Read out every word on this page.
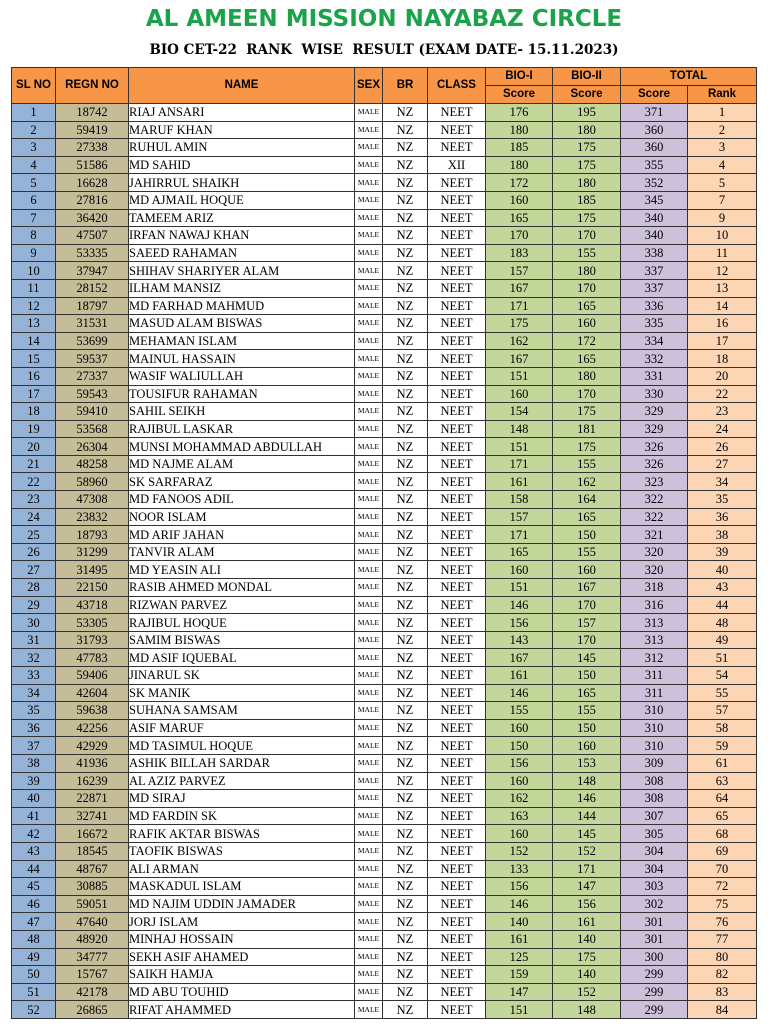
AL AMEEN MISSION NAYABAZ CIRCLE
BIO CET-22  RANK  WISE  RESULT (EXAM DATE- 15.11.2023)
SL NO	REGN NO	NAME	SEX	BR	CLASS	BIO-I	BIO-II	TOTAL	
						Score	Score	Score	Rank
1	18742	RIAJ ANSARI	MALE	NZ	NEET	176	195	371	1
2	59419	MARUF KHAN	MALE	NZ	NEET	180	180	360	2
3	27338	RUHUL AMIN	MALE	NZ	NEET	185	175	360	3
4	51586	MD SAHID	MALE	NZ	XII	180	175	355	4
5	16628	JAHIRRUL SHAIKH	MALE	NZ	NEET	172	180	352	5
6	27816	MD AJMAIL HOQUE	MALE	NZ	NEET	160	185	345	7
7	36420	TAMEEM ARIZ	MALE	NZ	NEET	165	175	340	9
8	47507	IRFAN NAWAJ KHAN	MALE	NZ	NEET	170	170	340	10
9	53335	SAEED RAHAMAN	MALE	NZ	NEET	183	155	338	11
10	37947	SHIHAV SHARIYER ALAM	MALE	NZ	NEET	157	180	337	12
11	28152	ILHAM MANSIZ	MALE	NZ	NEET	167	170	337	13
12	18797	MD FARHAD MAHMUD	MALE	NZ	NEET	171	165	336	14
13	31531	MASUD ALAM BISWAS	MALE	NZ	NEET	175	160	335	16
14	53699	MEHAMAN ISLAM	MALE	NZ	NEET	162	172	334	17
15	59537	MAINUL HASSAIN	MALE	NZ	NEET	167	165	332	18
16	27337	WASIF WALIULLAH	MALE	NZ	NEET	151	180	331	20
17	59543	TOUSIFUR RAHAMAN	MALE	NZ	NEET	160	170	330	22
18	59410	SAHIL SEIKH	MALE	NZ	NEET	154	175	329	23
19	53568	RAJIBUL LASKAR	MALE	NZ	NEET	148	181	329	24
20	26304	MUNSI MOHAMMAD ABDULLAH	MALE	NZ	NEET	151	175	326	26
21	48258	MD NAJME ALAM	MALE	NZ	NEET	171	155	326	27
22	58960	SK SARFARAZ	MALE	NZ	NEET	161	162	323	34
23	47308	MD FANOOS ADIL	MALE	NZ	NEET	158	164	322	35
24	23832	NOOR ISLAM	MALE	NZ	NEET	157	165	322	36
25	18793	MD ARIF JAHAN	MALE	NZ	NEET	171	150	321	38
26	31299	TANVIR ALAM	MALE	NZ	NEET	165	155	320	39
27	31495	MD YEASIN ALI	MALE	NZ	NEET	160	160	320	40
28	22150	RASIB AHMED MONDAL	MALE	NZ	NEET	151	167	318	43
29	43718	RIZWAN PARVEZ	MALE	NZ	NEET	146	170	316	44
30	53305	RAJIBUL HOQUE	MALE	NZ	NEET	156	157	313	48
31	31793	SAMIM BISWAS	MALE	NZ	NEET	143	170	313	49
32	47783	MD ASIF IQUEBAL	MALE	NZ	NEET	167	145	312	51
33	59406	JINARUL SK	MALE	NZ	NEET	161	150	311	54
34	42604	SK MANIK	MALE	NZ	NEET	146	165	311	55
35	59638	SUHANA SAMSAM	MALE	NZ	NEET	155	155	310	57
36	42256	ASIF MARUF	MALE	NZ	NEET	160	150	310	58
37	42929	MD TASIMUL HOQUE	MALE	NZ	NEET	150	160	310	59
38	41936	ASHIK BILLAH SARDAR	MALE	NZ	NEET	156	153	309	61
39	16239	AL AZIZ PARVEZ	MALE	NZ	NEET	160	148	308	63
40	22871	MD SIRAJ	MALE	NZ	NEET	162	146	308	64
41	32741	MD FARDIN SK	MALE	NZ	NEET	163	144	307	65
42	16672	RAFIK AKTAR BISWAS	MALE	NZ	NEET	160	145	305	68
43	18545	TAOFIK BISWAS	MALE	NZ	NEET	152	152	304	69
44	48767	ALI ARMAN	MALE	NZ	NEET	133	171	304	70
45	30885	MASKADUL ISLAM	MALE	NZ	NEET	156	147	303	72
46	59051	MD NAJIM UDDIN JAMADER	MALE	NZ	NEET	146	156	302	75
47	47640	JORJ ISLAM	MALE	NZ	NEET	140	161	301	76
48	48920	MINHAJ HOSSAIN	MALE	NZ	NEET	161	140	301	77
49	34777	SEKH ASIF AHAMED	MALE	NZ	NEET	125	175	300	80
50	15767	SAIKH HAMJA	MALE	NZ	NEET	159	140	299	82
51	42178	MD ABU TOUHID	MALE	NZ	NEET	147	152	299	83
52	26865	RIFAT AHAMMED	MALE	NZ	NEET	151	148	299	84
